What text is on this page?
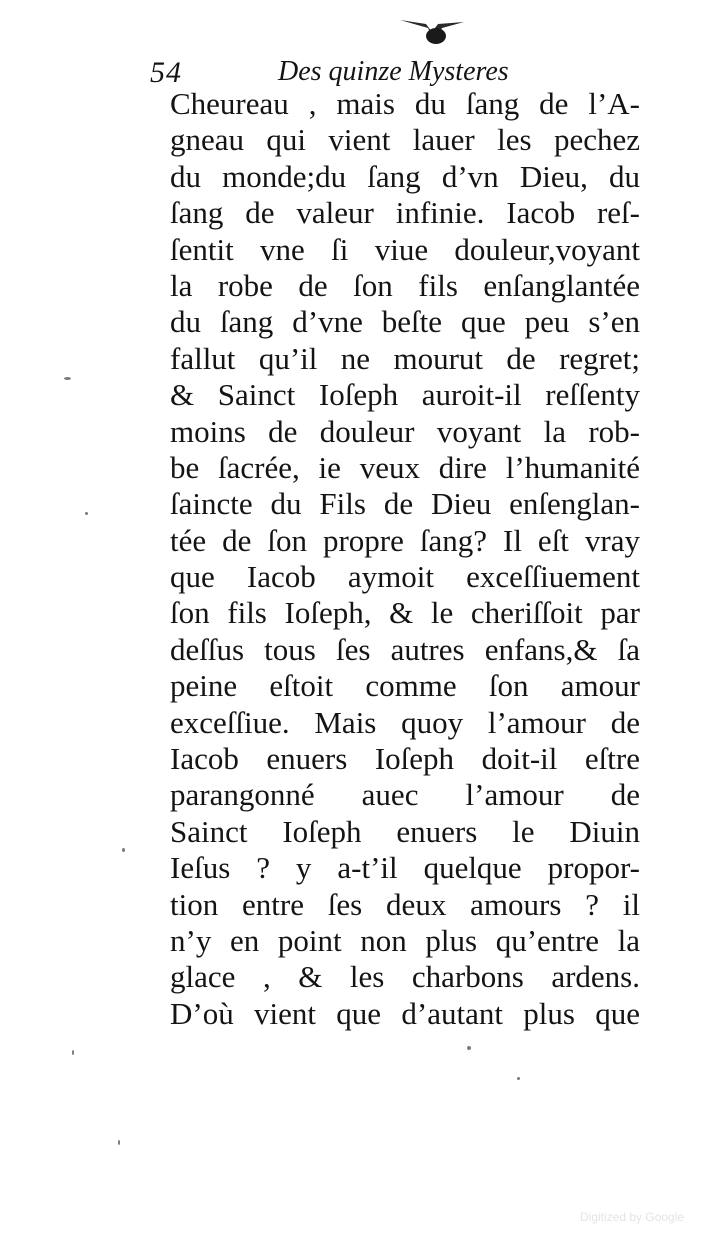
54	Des quinze Mysteres
Cheureau , mais du ſang de l’A-
gneau qui vient lauer les pechez
du monde;du ſang d’vn Dieu, du
ſang de valeur infinie. Iacob reſ-
ſentit vne ſi viue douleur,voyant
la robe de ſon fils enſanglantée
du ſang d’vne beſte que peu s’en
fallut qu’il ne mourut de regret;
& Sainct Ioſeph auroit-il reſſenty
moins de douleur voyant la rob-
be ſacrée, ie veux dire l’humanité
ſaincte du Fils de Dieu enſenglan-
tée de ſon propre ſang? Il eſt vray
que Iacob aymoit exceſſiuement
ſon fils Ioſeph, & le cheriſſoit par
deſſus tous ſes autres enfans,& ſa
peine eſtoit comme ſon amour
exceſſiue. Mais quoy l’amour de
Iacob enuers Ioſeph doit-il eſtre
parangonné auec l’amour de
Sainct Ioſeph enuers le Diuin
Ieſus ? y a-t’il quelque propor-
tion entre ſes deux amours ? il
n’y en point non plus qu’entre la
glace , & les charbons ardens.
D’où vient que d’autant plus que
Digitized by Google
